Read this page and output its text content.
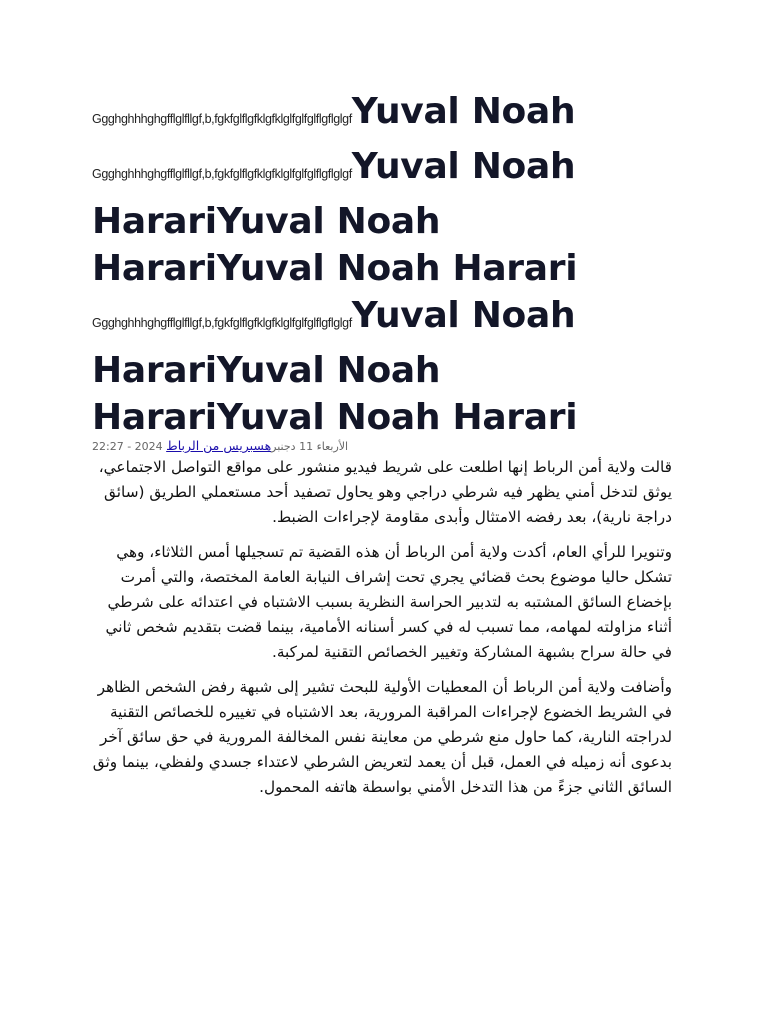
Ggghghhhghgfflglfllgf,b,fgkfglflgfklgfklglfglfglflgflglgfYuval Noah
Ggghghhhghgfflglfllgf,b,fgkfglflgfklgfklglfglfglflgflglgfYuval Noah HarariYuval Noah HarariYuval Noah Harari
Ggghghhhghgfflglfllgf,b,fgkfglflgfklgfklglfglfglflgflglgfYuval Noah HarariYuval Noah HarariYuval Noah Harari
22:27 - 2024 الأربعاء 11 دجنبرهسبريس من الرباط

قالت ولاية أمن الرباط إنها اطلعت على شريط فيديو منشور على مواقع التواصل الاجتماعي، يوثق لتدخل أمني يظهر فيه شرطي دراجي وهو يحاول تصفيد أحد مستعملي الطريق (سائق دراجة نارية)، بعد رفضه الامتثال وأبدى مقاومة لإجراءات الضبط.

وتنويرا للرأي العام، أكدت ولاية أمن الرباط أن هذه القضية تم تسجيلها أمس الثلاثاء، وهي تشكل حاليا موضوع بحث قضائي يجري تحت إشراف النيابة العامة المختصة، والتي أمرت بإخضاع السائق المشتبه به لتدبير الحراسة النظرية بسبب الاشتباه في اعتدائه على شرطي أثناء مزاولته لمهامه، مما تسبب له في كسر أسنانه الأمامية، بينما قضت بتقديم شخص ثاني في حالة سراح بشبهة المشاركة وتغيير الخصائص التقنية لمركبة.

وأضافت ولاية أمن الرباط أن المعطيات الأولية للبحث تشير إلى شبهة رفض الشخص الظاهر في الشريط الخضوع لإجراءات المراقبة المرورية، بعد الاشتباه في تغييره للخصائص التقنية لدراجته النارية، كما حاول منع شرطي من معاينة نفس المخالفة المرورية في حق سائق آخر بدعوى أنه زميله في العمل، قبل أن يعمد لتعريض الشرطي لاعتداء جسدي ولفظي، بينما وثق السائق الثاني جزءً من هذا التدخل الأمني بواسطة هاتفه المحمول.
